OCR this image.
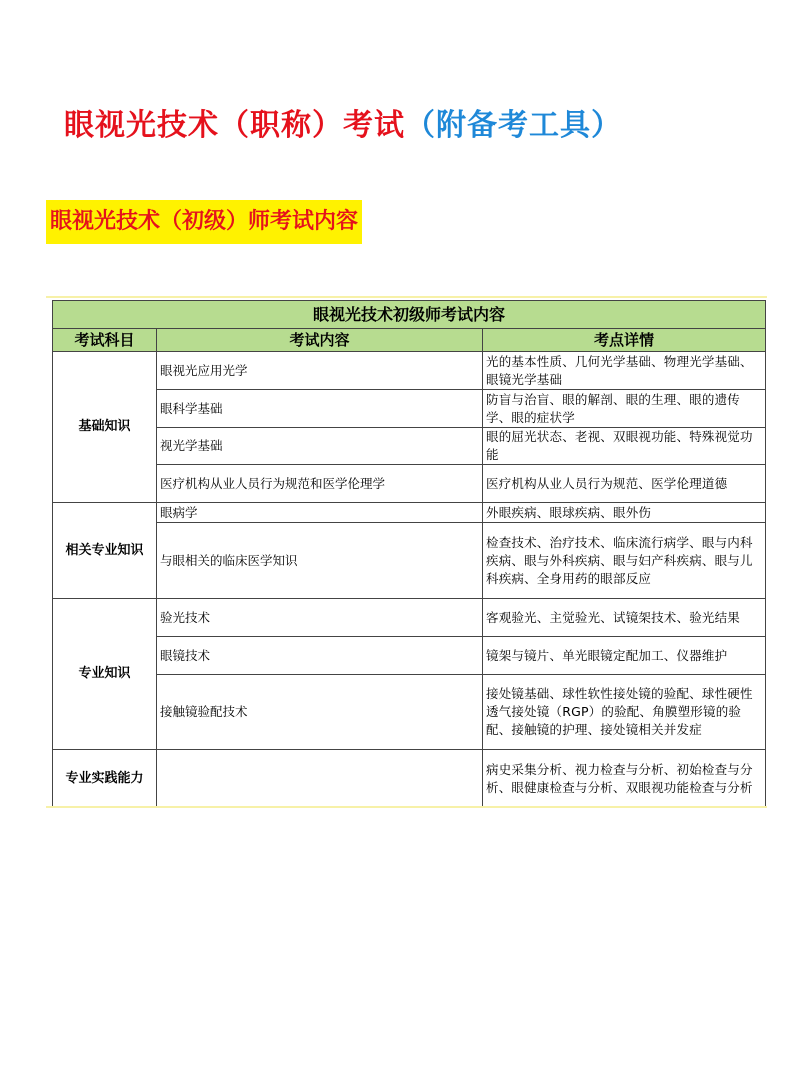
眼视光技术（职称）考试（附备考工具）
眼视光技术（初级）师考试内容
眼视光技术初级师考试内容		
考试科目	考试内容	考点详情
基础知识	眼视光应用光学	光的基本性质、几何光学基础、物理光学基础、眼镜光学基础
	眼科学基础	防盲与治盲、眼的解剖、眼的生理、眼的遗传学、眼的症状学
	视光学基础	眼的屈光状态、老视、双眼视功能、特殊视觉功能
	医疗机构从业人员行为规范和医学伦理学	医疗机构从业人员行为规范、医学伦理道德
相关专业知识	眼病学	外眼疾病、眼球疾病、眼外伤
	与眼相关的临床医学知识	检查技术、治疗技术、临床流行病学、眼与内科疾病、眼与外科疾病、眼与妇产科疾病、眼与儿科疾病、全身用药的眼部反应
专业知识	验光技术	客观验光、主觉验光、试镜架技术、验光结果
	眼镜技术	镜架与镜片、单光眼镜定配加工、仪器维护
	接触镜验配技术	接处镜基础、球性软性接处镜的验配、球性硬性透气接处镜（RGP）的验配、角膜塑形镜的验配、接触镜的护理、接处镜相关并发症
专业实践能力		病史采集分析、视力检查与分析、初始检查与分析、眼健康检查与分析、双眼视功能检查与分析
